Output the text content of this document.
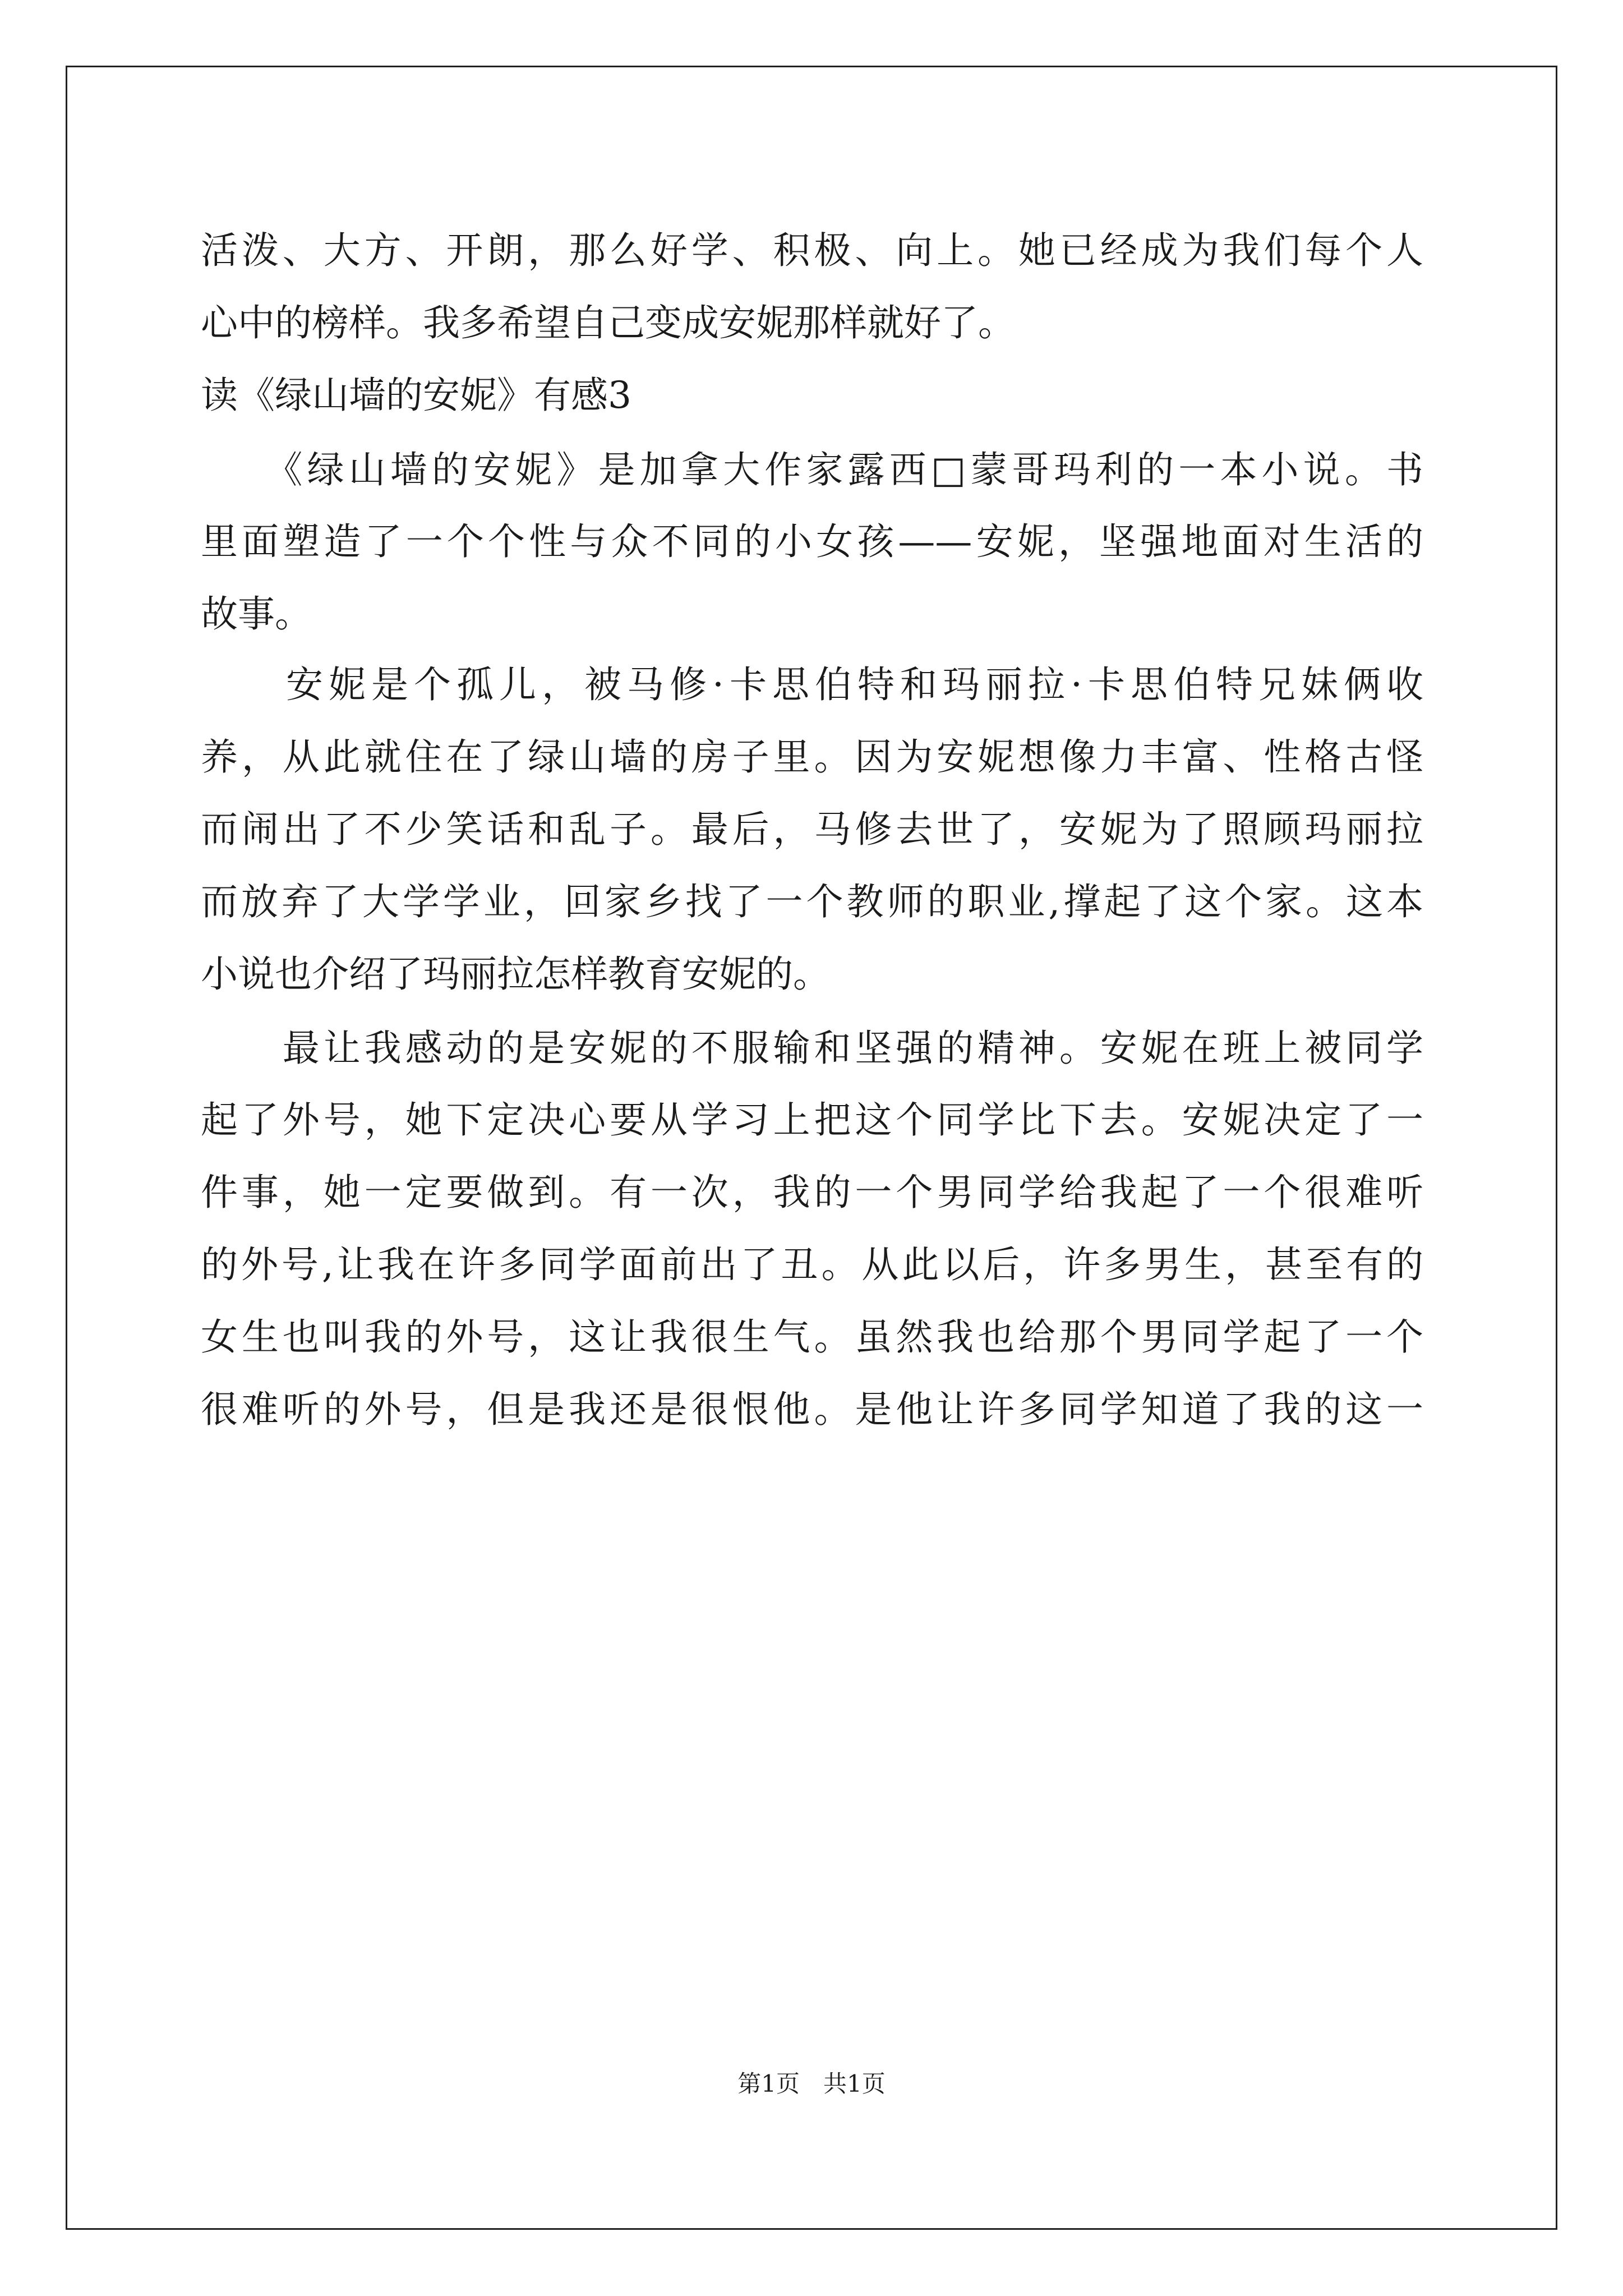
活泼、大方、开朗，那么好学、积极、向上。她已经成为我们每个人
心中的榜样。我多希望自己变成安妮那样就好了。
读《绿山墙的安妮》有感3
　　《绿山墙的安妮》是加拿大作家露西□蒙哥玛利的一本小说。书
里面塑造了一个个性与众不同的小女孩——安妮，坚强地面对生活的
故事。
　　安妮是个孤儿，被马修·卡思伯特和玛丽拉·卡思伯特兄妹俩收
养，从此就住在了绿山墙的房子里。因为安妮想像力丰富、性格古怪
而闹出了不少笑话和乱子。最后，马修去世了，安妮为了照顾玛丽拉
而放弃了大学学业，回家乡找了一个教师的职业,撑起了这个家。这本
小说也介绍了玛丽拉怎样教育安妮的。
　　最让我感动的是安妮的不服输和坚强的精神。安妮在班上被同学
起了外号，她下定决心要从学习上把这个同学比下去。安妮决定了一
件事，她一定要做到。有一次，我的一个男同学给我起了一个很难听
的外号,让我在许多同学面前出了丑。从此以后，许多男生，甚至有的
女生也叫我的外号，这让我很生气。虽然我也给那个男同学起了一个
很难听的外号，但是我还是很恨他。是他让许多同学知道了我的这一
第1页　共1页
